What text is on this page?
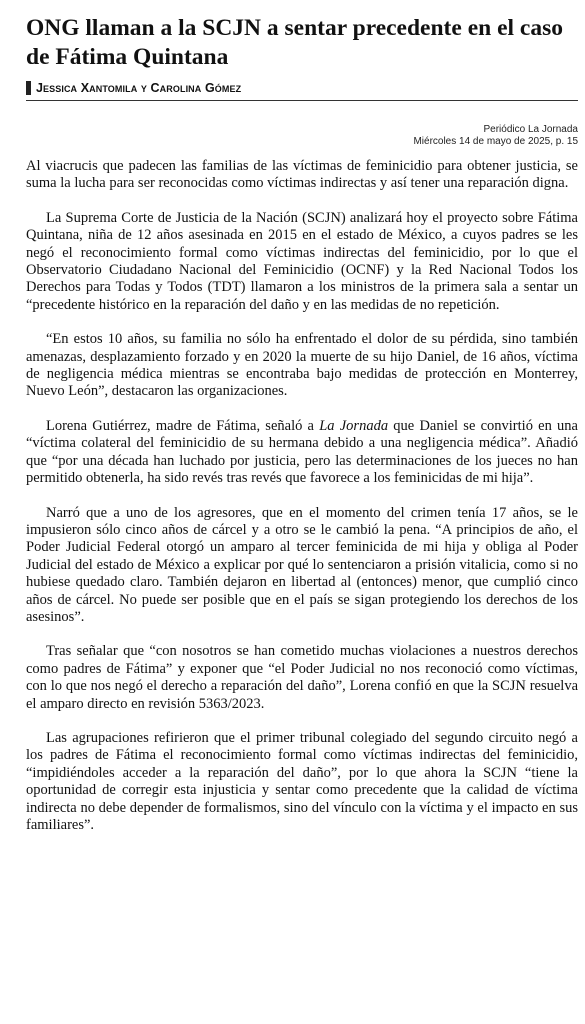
ONG llaman a la SCJN a sentar precedente en el caso de Fátima Quintana
Jessica Xantomila y Carolina Gómez
Periódico La Jornada
Miércoles 14 de mayo de 2025, p. 15

Al viacrucis que padecen las familias de las víctimas de feminicidio para obtener justicia, se suma la lucha para ser reconocidas como víctimas indirectas y así tener una reparación digna.

La Suprema Corte de Justicia de la Nación (SCJN) analizará hoy el proyecto sobre Fátima Quintana, niña de 12 años asesinada en 2015 en el estado de México, a cuyos padres se les negó el reconocimiento formal como víctimas indirectas del feminicidio, por lo que el Observatorio Ciudadano Nacional del Feminicidio (OCNF) y la Red Nacional Todos los Derechos para Todas y Todos (TDT) llamaron a los ministros de la primera sala a sentar un “precedente histórico en la reparación del daño y en las medidas de no repetición.

“En estos 10 años, su familia no sólo ha enfrentado el dolor de su pérdida, sino también amenazas, desplazamiento forzado y en 2020 la muerte de su hijo Daniel, de 16 años, víctima de negligencia médica mientras se encontraba bajo medidas de protección en Monterrey, Nuevo León”, destacaron las organizaciones.

Lorena Gutiérrez, madre de Fátima, señaló a La Jornada que Daniel se convirtió en una “víctima colateral del feminicidio de su hermana debido a una negligencia médica”. Añadió que “por una década han luchado por justicia, pero las determinaciones de los jueces no han permitido obtenerla, ha sido revés tras revés que favorece a los feminicidas de mi hija”.

Narró que a uno de los agresores, que en el momento del crimen tenía 17 años, se le impusieron sólo cinco años de cárcel y a otro se le cambió la pena. “A principios de año, el Poder Judicial Federal otorgó un amparo al tercer feminicida de mi hija y obliga al Poder Judicial del estado de México a explicar por qué lo sentenciaron a prisión vitalicia, como si no hubiese quedado claro. También dejaron en libertad al (entonces) menor, que cumplió cinco años de cárcel. No puede ser posible que en el país se sigan protegiendo los derechos de los asesinos”.

Tras señalar que “con nosotros se han cometido muchas violaciones a nuestros derechos como padres de Fátima” y exponer que “el Poder Judicial no nos reconoció como víctimas, con lo que nos negó el derecho a reparación del daño”, Lorena confió en que la SCJN resuelva el amparo directo en revisión 5363/2023.

Las agrupaciones refirieron que el primer tribunal colegiado del segundo circuito negó a los padres de Fátima el reconocimiento formal como víctimas indirectas del feminicidio, “impidiéndoles acceder a la reparación del daño”, por lo que ahora la SCJN “tiene la oportunidad de corregir esta injusticia y sentar como precedente que la calidad de víctima indirecta no debe depender de formalismos, sino del vínculo con la víctima y el impacto en sus familiares”.
